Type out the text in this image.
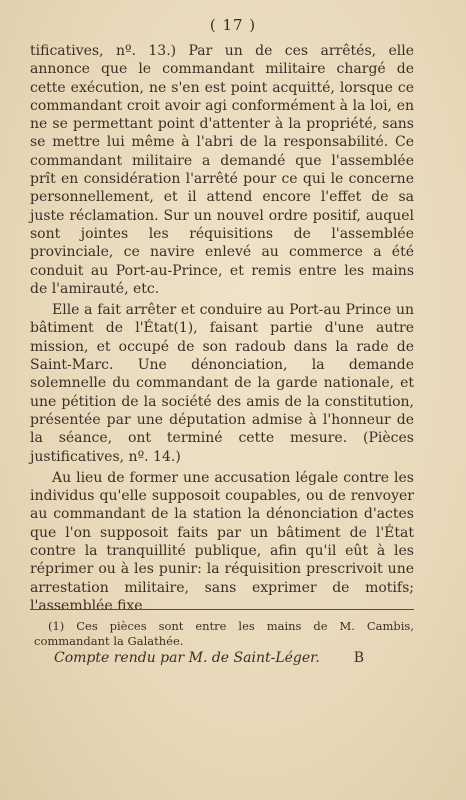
( 17 )

tificatives, nº. 13.) Par un de ces arrêtés, elle annonce que le commandant militaire chargé de cette exécution, ne s'en est point acquitté, lorsque ce commandant croit avoir agi conformément à la loi, en ne se permettant point d'attenter à la propriété, sans se mettre lui même à l'abri de la responsabilité. Ce commandant militaire a demandé que l'assemblée prît en considération l'arrêté pour ce qui le concerne personnellement, et il attend encore l'effet de sa juste réclamation. Sur un nouvel ordre positif, auquel sont jointes les réquisitions de l'assemblée provinciale, ce navire enlevé au commerce a été conduit au Port-au-Prince, et remis entre les mains de l'amirauté, etc.

Elle a fait arrêter et conduire au Port-au Prince un bâtiment de l'État(1), faisant partie d'une autre mission, et occupé de son radoub dans la rade de Saint-Marc. Une dénonciation, la demande solemnelle du commandant de la garde nationale, et une pétition de la société des amis de la constitution, présentée par une députation admise à l'honneur de la séance, ont terminé cette mesure. (Pièces justificatives, nº. 14.)

Au lieu de former une accusation légale contre les individus qu'elle supposoit coupables, ou de renvoyer au commandant de la station la dénonciation d'actes que l'on supposoit faits par un bâtiment de l'État contre la tranquillité publique, afin qu'il eût à les réprimer ou à les punir: la réquisition prescrivoit une arrestation militaire, sans exprimer de motifs; l'assemblée fixe

(1) Ces pièces sont entre les mains de M. Cambis, commandant la Galathée.
Compte rendu par M. de Saint-Léger. B
